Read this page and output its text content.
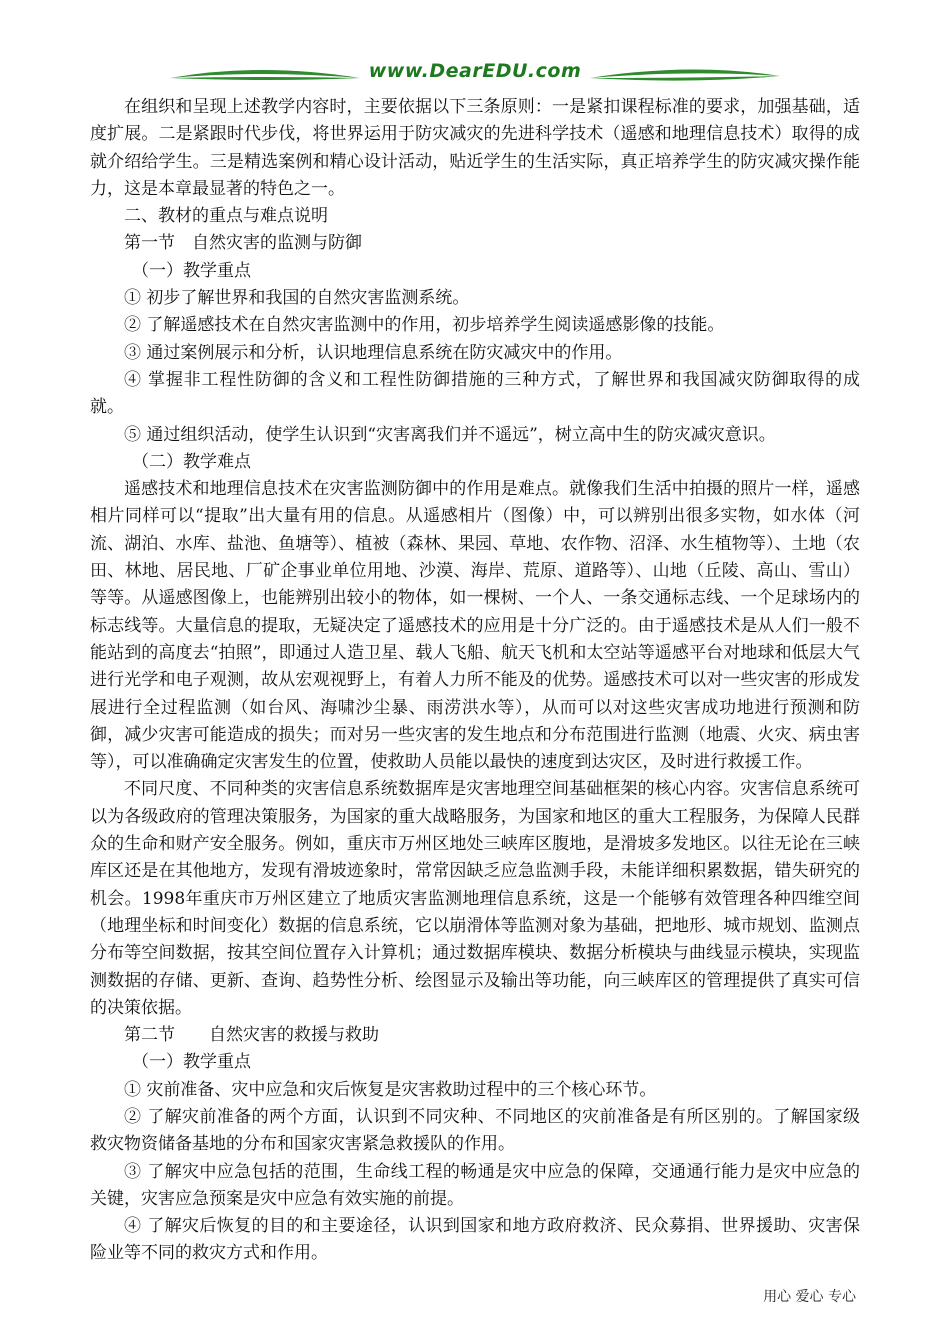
www.DearEDU.com

在组织和呈现上述教学内容时，主要依据以下三条原则：一是紧扣课程标准的要求，加强基础，适度扩展。二是紧跟时代步伐，将世界运用于防灾减灾的先进科学技术（遥感和地理信息技术）取得的成就介绍给学生。三是精选案例和精心设计活动，贴近学生的生活实际，真正培养学生的防灾减灾操作能力，这是本章最显著的特色之一。

二、教材的重点与难点说明

第一节　自然灾害的监测与防御

（一）教学重点

① 初步了解世界和我国的自然灾害监测系统。

② 了解遥感技术在自然灾害监测中的作用，初步培养学生阅读遥感影像的技能。

③ 通过案例展示和分析，认识地理信息系统在防灾减灾中的作用。

④ 掌握非工程性防御的含义和工程性防御措施的三种方式，了解世界和我国减灾防御取得的成就。

⑤ 通过组织活动，使学生认识到“灾害离我们并不遥远”，树立高中生的防灾减灾意识。

（二）教学难点

遥感技术和地理信息技术在灾害监测防御中的作用是难点。就像我们生活中拍摄的照片一样，遥感相片同样可以“提取”出大量有用的信息。从遥感相片（图像）中，可以辨别出很多实物，如水体（河流、湖泊、水库、盐池、鱼塘等）、植被（森林、果园、草地、农作物、沼泽、水生植物等）、土地（农田、林地、居民地、厂矿企事业单位用地、沙漠、海岸、荒原、道路等）、山地（丘陵、高山、雪山）等等。从遥感图像上，也能辨别出较小的物体，如一棵树、一个人、一条交通标志线、一个足球场内的标志线等。大量信息的提取，无疑决定了遥感技术的应用是十分广泛的。由于遥感技术是从人们一般不能站到的高度去“拍照”，即通过人造卫星、载人飞船、航天飞机和太空站等遥感平台对地球和低层大气进行光学和电子观测，故从宏观视野上，有着人力所不能及的优势。遥感技术可以对一些灾害的形成发展进行全过程监测（如台风、海啸沙尘暴、雨涝洪水等），从而可以对这些灾害成功地进行预测和防御，减少灾害可能造成的损失；而对另一些灾害的发生地点和分布范围进行监测（地震、火灾、病虫害等），可以准确确定灾害发生的位置，使救助人员能以最快的速度到达灾区，及时进行救援工作。

不同尺度、不同种类的灾害信息系统数据库是灾害地理空间基础框架的核心内容。灾害信息系统可以为各级政府的管理决策服务，为国家的重大战略服务，为国家和地区的重大工程服务，为保障人民群众的生命和财产安全服务。例如，重庆市万州区地处三峡库区腹地，是滑坡多发地区。以往无论在三峡库区还是在其他地方，发现有滑坡迹象时，常常因缺乏应急监测手段，未能详细积累数据，错失研究的机会。1998年重庆市万州区建立了地质灾害监测地理信息系统，这是一个能够有效管理各种四维空间（地理坐标和时间变化）数据的信息系统，它以崩滑体等监测对象为基础，把地形、城市规划、监测点分布等空间数据，按其空间位置存入计算机；通过数据库模块、数据分析模块与曲线显示模块，实现监测数据的存储、更新、查询、趋势性分析、绘图显示及输出等功能，向三峡库区的管理提供了真实可信的决策依据。

第二节　　自然灾害的救援与救助

（一）教学重点

① 灾前准备、灾中应急和灾后恢复是灾害救助过程中的三个核心环节。

② 了解灾前准备的两个方面，认识到不同灾种、不同地区的灾前准备是有所区别的。了解国家级救灾物资储备基地的分布和国家灾害紧急救援队的作用。

③ 了解灾中应急包括的范围，生命线工程的畅通是灾中应急的保障，交通通行能力是灾中应急的关键，灾害应急预案是灾中应急有效实施的前提。

④ 了解灾后恢复的目的和主要途径，认识到国家和地方政府救济、民众募捐、世界援助、灾害保险业等不同的救灾方式和作用。

用心 爱心 专心
